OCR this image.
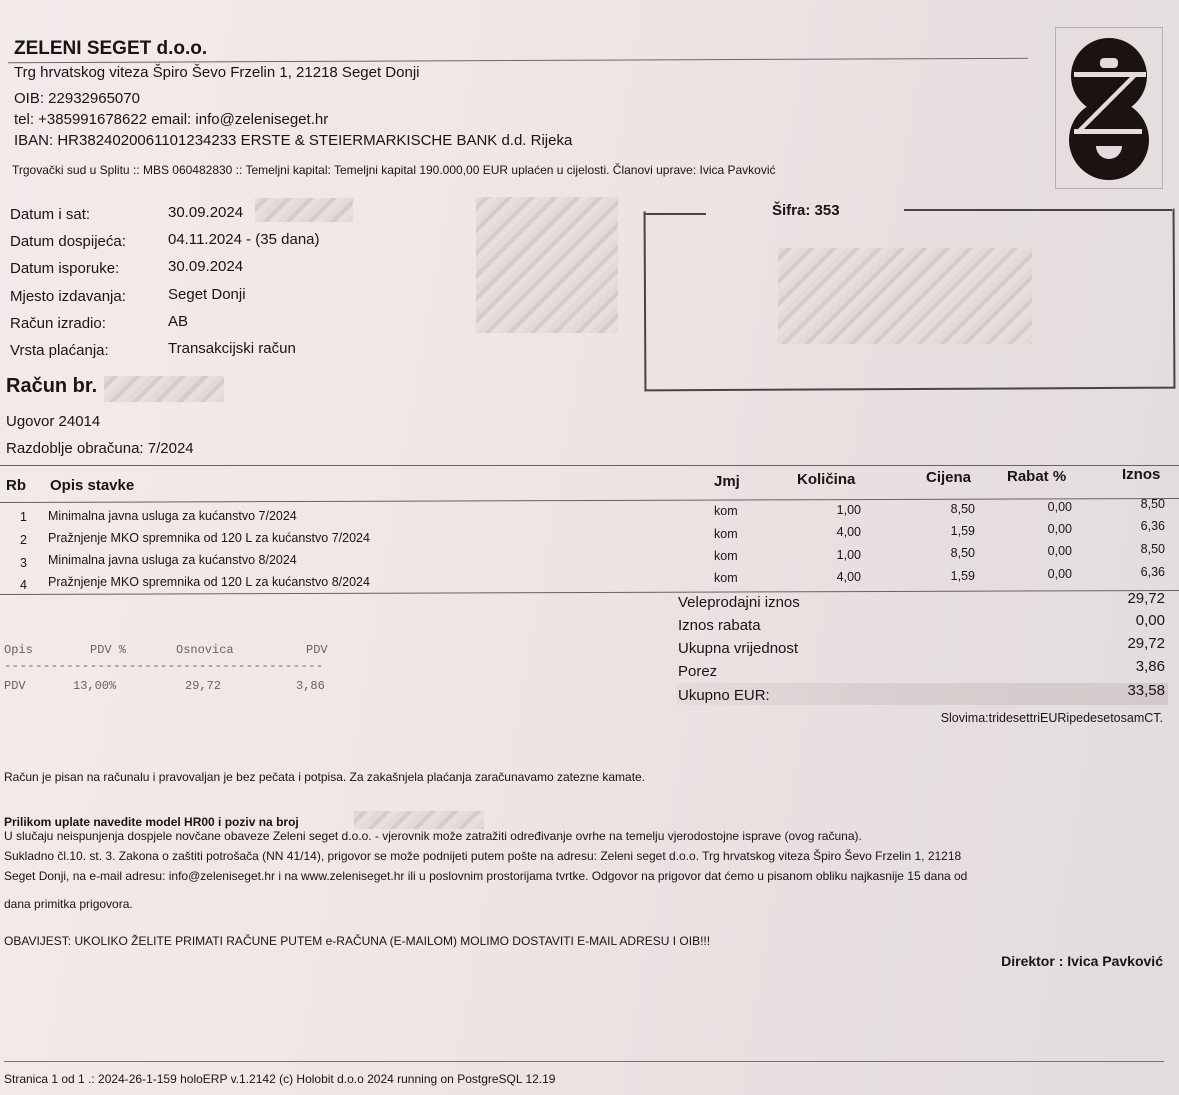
ZELENI SEGET d.o.o.
Trg hrvatskog viteza Špiro Ševo Frzelin 1, 21218 Seget Donji
OIB: 22932965070
tel: +385991678622 email: info@zeleniseget.hr
IBAN: HR3824020061101234233 ERSTE & STEIERMARKISCHE BANK d.d. Rijeka
Trgovački sud u Splitu :: MBS 060482830 :: Temeljni kapital: Temeljni kapital 190.000,00 EUR uplaćen u cijelosti. Članovi uprave: Ivica Pavković
Datum i sat:	30.09.2024
Datum dospijeća:	04.11.2024 - (35 dana)
Datum isporuke:	30.09.2024
Mjesto izdavanja:	Seget Donji
Račun izradio:	AB
Vrsta plaćanja:	Transakcijski račun
Šifra: 353
Račun br.
Ugovor 24014
Razdoblje obračuna: 7/2024
Rb Opis stavke	Jmj	Količina	Cijena Rabat %	Iznos
1 Minimalna javna usluga za kućanstvo 7/2024	kom	1,00	8,50	0,00	8,50
2 Pražnjenje MKO spremnika od 120 L za kućanstvo 7/2024	kom	4,00	1,59	0,00	6,36
3 Minimalna javna usluga za kućanstvo 8/2024	kom	1,00	8,50	0,00	8,50
4 Pražnjenje MKO spremnika od 120 L za kućanstvo 8/2024	kom	4,00	1,59	0,00	6,36
Opis	PDV %	Osnovica	PDV
-----------------------------------------
PDV	13,00%	29,72	3,86
Veleprodajni iznos	29,72
Iznos rabata	0,00
Ukupna vrijednost	29,72
Porez	3,86
Ukupno EUR:	33,58
Slovima:tridesettriEURipedesetosamCT.
Račun je pisan na računalu i pravovaljan je bez pečata i potpisa. Za zakašnjela plaćanja zaračunavamo zatezne kamate.
Prilikom uplate navedite model HR00 i poziv na broj
U slučaju neispunjenja dospjele novčane obaveze Zeleni seget d.o.o. - vjerovnik može zatražiti određivanje ovrhe na temelju vjerodostojne isprave (ovog računa).
Sukladno čl.10. st. 3. Zakona o zaštiti potrošača (NN 41/14), prigovor se može podnijeti putem pošte na adresu: Zeleni seget d.o.o. Trg hrvatskog viteza Špiro Ševo Frzelin 1, 21218
Seget Donji, na e-mail adresu: info@zeleniseget.hr i na www.zeleniseget.hr ili u poslovnim prostorijama tvrtke. Odgovor na prigovor dat ćemo u pisanom obliku najkasnije 15 dana od
dana primitka prigovora.
OBAVIJEST: UKOLIKO ŽELITE PRIMATI RAČUNE PUTEM e-RAČUNA (E-MAILOM) MOLIMO DOSTAVITI E-MAIL ADRESU I OIB!!!
Direktor : Ivica Pavković
Stranica 1 od 1 .: 2024-26-1-159 holoERP v.1.2142 (c) Holobit d.o.o 2024 running on PostgreSQL 12.19
